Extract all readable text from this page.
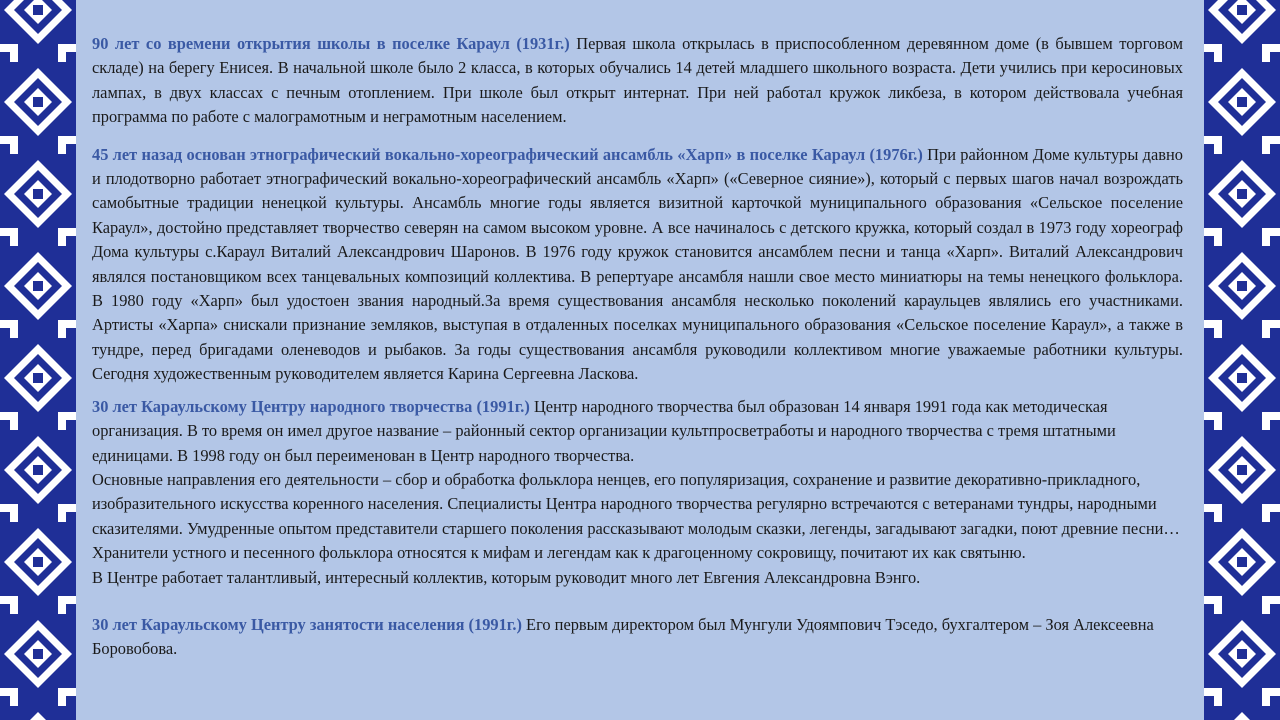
90 лет со времени открытия школы в поселке Караул (1931г.) Первая школа открылась в приспособленном деревянном доме (в бывшем торговом складе) на берегу Енисея. В начальной школе было 2 класса, в которых обучались 14 детей младшего школьного возраста. Дети учились при керосиновых лампах, в двух классах с печным отоплением. При школе был открыт интернат. При ней работал кружок ликбеза, в котором действовала учебная программа по работе с малограмотным и неграмотным населением.

45 лет назад основан этнографический вокально-хореографический ансамбль «Харп» в поселке Караул (1976г.) При районном Доме культуры давно и плодотворно работает этнографический вокально-хореографический ансамбль «Харп» («Северное сияние»), который с первых шагов начал возрождать самобытные традиции ненецкой культуры. Ансамбль многие годы является визитной карточкой муниципального образования «Сельское поселение Караул», достойно представляет творчество северян на самом высоком уровне. А все начиналось с детского кружка, который создал в 1973 году хореограф Дома культуры с.Караул Виталий Александрович Шаронов. В 1976 году кружок становится ансамблем песни и танца «Харп». Виталий Александрович являлся постановщиком всех танцевальных композиций коллектива. В репертуаре ансамбля нашли свое место миниатюры на темы ненецкого фольклора. В 1980 году «Харп» был удостоен звания народный.За время существования ансамбля несколько поколений караульцев являлись его участниками. Артисты «Харпа» снискали признание земляков, выступая в отдаленных поселках муниципального образования «Сельское поселение Караул», а также в тундре, перед бригадами оленеводов и рыбаков. За годы существования ансамбля руководили коллективом многие уважаемые работники культуры. Сегодня художественным руководителем является Карина Сергеевна Ласкова.

30 лет Караульскому Центру народного творчества (1991г.) Центр народного творчества был образован 14 января 1991 года как методическая организация. В то время он имел другое название – районный сектор организации культпросветработы и народного творчества с тремя штатными единицами. В 1998 году он был переименован в Центр народного творчества.

Основные направления его деятельности – сбор и обработка фольклора ненцев, его популяризация, сохранение и развитие декоративно-прикладного, изобразительного искусства коренного населения. Специалисты Центра народного творчества регулярно встречаются с ветеранами тундры, народными сказителями. Умудренные опытом представители старшего поколения рассказывают молодым сказки, легенды, загадывают загадки, поют древние песни… Хранители устного и песенного фольклора относятся к мифам и легендам как к драгоценному сокровищу, почитают их как святыню.

В Центре работает талантливый, интересный коллектив, которым руководит много лет Евгения Александровна Вэнго.

30 лет Караульскому Центру занятости населения (1991г.) Его первым директором был Мунгули Удоямпович Тэседо, бухгалтером – Зоя Алексеевна Боровобова.
